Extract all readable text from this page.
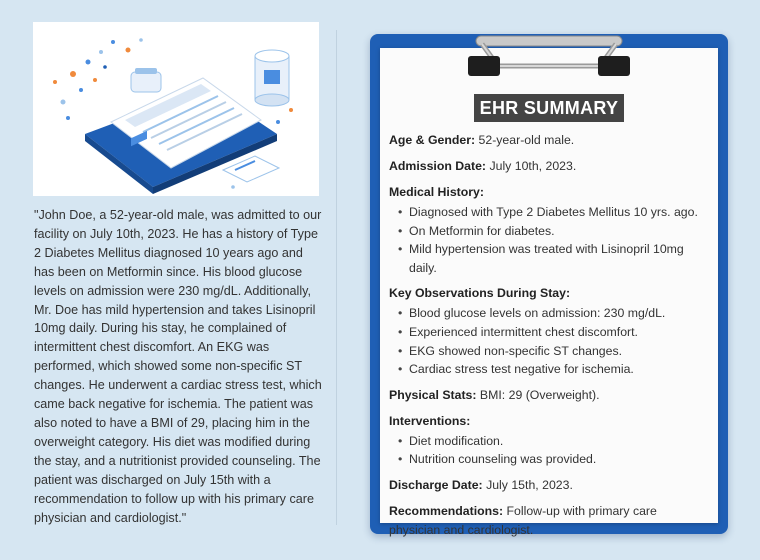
"John Doe, a 52-year-old male, was admitted to our facility on July 10th, 2023. He has a history of Type 2 Diabetes Mellitus diagnosed 10 years ago and has been on Metformin since. His blood glucose levels on admission were 230 mg/dL. Additionally, Mr. Doe has mild hypertension and takes Lisinopril 10mg daily. During his stay, he complained of intermittent chest discomfort. An EKG was performed, which showed some non-specific ST changes. He underwent a cardiac stress test, which came back negative for ischemia. The patient was also noted to have a BMI of 29, placing him in the overweight category. His diet was modified during the stay, and a nutritionist provided counseling. The patient was discharged on July 15th with a recommendation to follow up with his primary care physician and cardiologist."

EHR SUMMARY
Age & Gender: 52-year-old male.
Admission Date: July 10th, 2023.
Medical History:
• Diagnosed with Type 2 Diabetes Mellitus 10 yrs. ago.
• On Metformin for diabetes.
• Mild hypertension was treated with Lisinopril 10mg daily.
Key Observations During Stay:
• Blood glucose levels on admission: 230 mg/dL.
• Experienced intermittent chest discomfort.
• EKG showed non-specific ST changes.
• Cardiac stress test negative for ischemia.
Physical Stats: BMI: 29 (Overweight).
Interventions:
• Diet modification.
• Nutrition counseling was provided.
Discharge Date: July 15th, 2023.
Recommendations: Follow-up with primary care physician and cardiologist.
